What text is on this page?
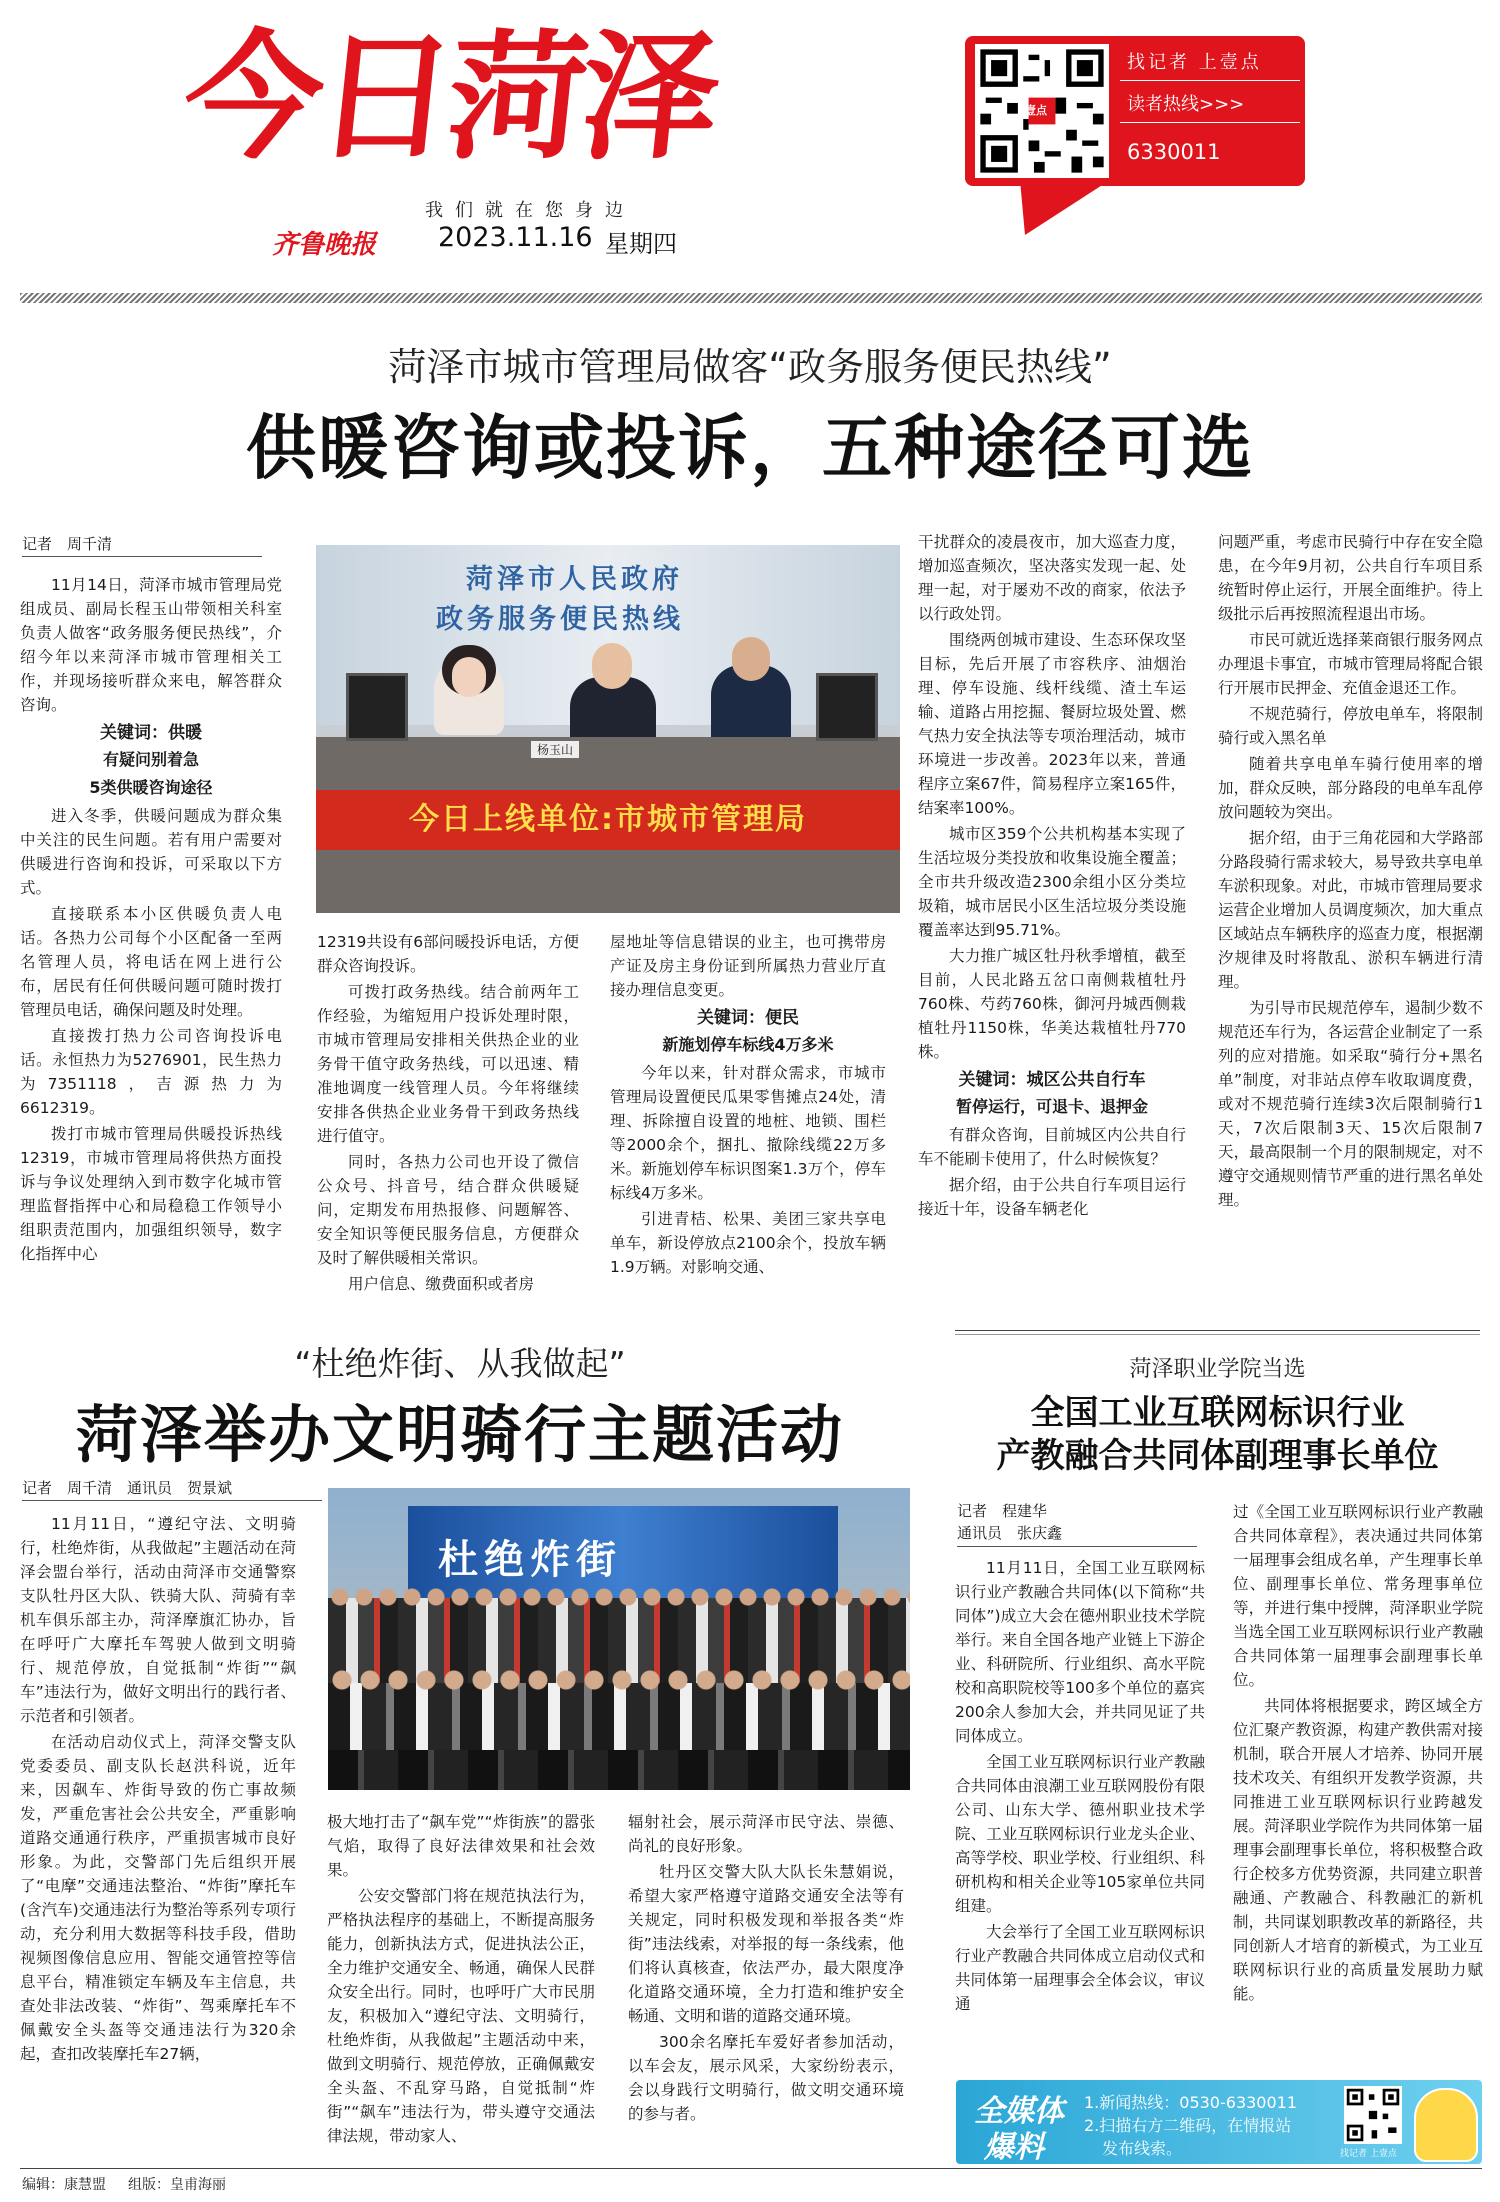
今日菏泽
我们就在您身边
齐鲁晚报 2023.11.16 星期四
壹点
找记者 上壹点
读者热线>>>
6330011
菏泽市城市管理局做客“政务服务便民热线”
供暖咨询或投诉，五种途径可选
记者　周千清
菏泽市人民政府
政务服务便民热线
杨玉山
今日上线单位:市城市管理局

11月14日，菏泽市城市管理局党组成员、副局长程玉山带领相关科室负责人做客“政务服务便民热线”，介绍今年以来菏泽市城市管理相关工作，并现场接听群众来电，解答群众咨询。

关键词：供暖

有疑问别着急

5类供暖咨询途径

进入冬季，供暖问题成为群众集中关注的民生问题。若有用户需要对供暖进行咨询和投诉，可采取以下方式。

直接联系本小区供暖负责人电话。各热力公司每个小区配备一至两名管理人员，将电话在网上进行公布，居民有任何供暖问题可随时拨打管理员电话，确保问题及时处理。

直接拨打热力公司咨询投诉电话。永恒热力为5276901，民生热力为7351118，吉源热力为6612319。

拨打市城市管理局供暖投诉热线12319，市城市管理局将供热方面投诉与争议处理纳入到市数字化城市管理监督指挥中心和局稳稳工作领导小组职责范围内，加强组织领导，数字化指挥中心

12319共设有6部问暖投诉电话，方便群众咨询投诉。

可拨打政务热线。结合前两年工作经验，为缩短用户投诉处理时限，市城市管理局安排相关供热企业的业务骨干值守政务热线，可以迅速、精准地调度一线管理人员。今年将继续安排各供热企业业务骨干到政务热线进行值守。

同时，各热力公司也开设了微信公众号、抖音号，结合群众供暖疑问，定期发布用热报修、问题解答、安全知识等便民服务信息，方便群众及时了解供暖相关常识。

用户信息、缴费面积或者房

屋地址等信息错误的业主，也可携带房产证及房主身份证到所属热力营业厅直接办理信息变更。

关键词：便民

新施划停车标线4万多米

今年以来，针对群众需求，市城市管理局设置便民瓜果零售摊点24处，清理、拆除擅自设置的地桩、地锁、围栏等2000余个，捆扎、撤除线缆22万多米。新施划停车标识图案1.3万个，停车标线4万多米。

引进青桔、松果、美团三家共享电单车，新设停放点2100余个，投放车辆1.9万辆。对影响交通、

干扰群众的凌晨夜市，加大巡查力度，增加巡查频次，坚决落实发现一起、处理一起，对于屡劝不改的商家，依法予以行政处罚。

围绕两创城市建设、生态环保攻坚目标，先后开展了市容秩序、油烟治理、停车设施、线杆线缆、渣土车运输、道路占用挖掘、餐厨垃圾处置、燃气热力安全执法等专项治理活动，城市环境进一步改善。2023年以来，普通程序立案67件，简易程序立案165件，结案率100%。

城市区359个公共机构基本实现了生活垃圾分类投放和收集设施全覆盖；全市共升级改造2300余组小区分类垃圾箱，城市居民小区生活垃圾分类设施覆盖率达到95.71%。

大力推广城区牡丹秋季增植，截至目前，人民北路五岔口南侧栽植牡丹760株、芍药760株，御河丹城西侧栽植牡丹1150株，华美达栽植牡丹770株。

关键词：城区公共自行车

暂停运行，可退卡、退押金

有群众咨询，目前城区内公共自行车不能刷卡使用了，什么时候恢复？

据介绍，由于公共自行车项目运行接近十年，设备车辆老化

问题严重，考虑市民骑行中存在安全隐患，在今年9月初，公共自行车项目系统暂时停止运行，开展全面维护。待上级批示后再按照流程退出市场。

市民可就近选择莱商银行服务网点办理退卡事宜，市城市管理局将配合银行开展市民押金、充值金退还工作。

不规范骑行，停放电单车，将限制骑行或入黑名单

随着共享电单车骑行使用率的增加，群众反映，部分路段的电单车乱停放问题较为突出。

据介绍，由于三角花园和大学路部分路段骑行需求较大，易导致共享电单车淤积现象。对此，市城市管理局要求运营企业增加人员调度频次，加大重点区域站点车辆秩序的巡查力度，根据潮汐规律及时将散乱、淤积车辆进行清理。

为引导市民规范停车，遏制少数不规范还车行为，各运营企业制定了一系列的应对措施。如采取“骑行分+黑名单”制度，对非站点停车收取调度费，或对不规范骑行连续3次后限制骑行1天，7次后限制3天、15次后限制7天，最高限制一个月的限制规定，对不遵守交通规则情节严重的进行黑名单处理。

“杜绝炸街、从我做起”
菏泽举办文明骑行主题活动
记者　周千清　通讯员　贺景斌
杜绝炸街

11月11日，“遵纪守法、文明骑行，杜绝炸街，从我做起”主题活动在菏泽会盟台举行，活动由菏泽市交通警察支队牡丹区大队、铁骑大队、菏骑有幸机车俱乐部主办，菏泽摩旗汇协办，旨在呼吁广大摩托车驾驶人做到文明骑行、规范停放，自觉抵制“炸街”“飙车”违法行为，做好文明出行的践行者、示范者和引领者。

在活动启动仪式上，菏泽交警支队党委委员、副支队长赵洪科说，近年来，因飙车、炸街导致的伤亡事故频发，严重危害社会公共安全，严重影响道路交通通行秩序，严重损害城市良好形象。为此，交警部门先后组织开展了“电摩”交通违法整治、“炸街”摩托车(含汽车)交通违法行为整治等系列专项行动，充分利用大数据等科技手段，借助视频图像信息应用、智能交通管控等信息平台，精准锁定车辆及车主信息，共查处非法改装、“炸街”、驾乘摩托车不佩戴安全头盔等交通违法行为320余起，查扣改装摩托车27辆，

极大地打击了“飙车党”“炸街族”的嚣张气焰，取得了良好法律效果和社会效果。

公安交警部门将在规范执法行为，严格执法程序的基础上，不断提高服务能力，创新执法方式，促进执法公正，全力维护交通安全、畅通，确保人民群众安全出行。同时，也呼吁广大市民朋友，积极加入“遵纪守法、文明骑行，杜绝炸街，从我做起”主题活动中来，做到文明骑行、规范停放，正确佩戴安全头盔、不乱穿马路，自觉抵制“炸街”“飙车”违法行为，带头遵守交通法律法规，带动家人、

辐射社会，展示菏泽市民守法、崇德、尚礼的良好形象。

牡丹区交警大队大队长朱慧娟说，希望大家严格遵守道路交通安全法等有关规定，同时积极发现和举报各类“炸街”违法线索，对举报的每一条线索，他们将认真核查，依法严办，最大限度净化道路交通环境，全力打造和维护安全畅通、文明和谐的道路交通环境。

300余名摩托车爱好者参加活动，以车会友，展示风采，大家纷纷表示，会以身践行文明骑行，做文明交通环境的参与者。

菏泽职业学院当选
全国工业互联网标识行业
产教融合共同体副理事长单位
记者　程建华
通讯员　张庆鑫

11月11日，全国工业互联网标识行业产教融合共同体(以下简称“共同体”)成立大会在德州职业技术学院举行。来自全国各地产业链上下游企业、科研院所、行业组织、高水平院校和高职院校等100多个单位的嘉宾200余人参加大会，并共同见证了共同体成立。

全国工业互联网标识行业产教融合共同体由浪潮工业互联网股份有限公司、山东大学、德州职业技术学院、工业互联网标识行业龙头企业、高等学校、职业学校、行业组织、科研机构和相关企业等105家单位共同组建。

大会举行了全国工业互联网标识行业产教融合共同体成立启动仪式和共同体第一届理事会全体会议，审议通

过《全国工业互联网标识行业产教融合共同体章程》，表决通过共同体第一届理事会组成名单，产生理事长单位、副理事长单位、常务理事单位等，并进行集中授牌，菏泽职业学院当选全国工业互联网标识行业产教融合共同体第一届理事会副理事长单位。

共同体将根据要求，跨区域全方位汇聚产教资源，构建产教供需对接机制，联合开展人才培养、协同开展技术攻关、有组织开发教学资源，共同推进工业互联网标识行业跨越发展。菏泽职业学院作为共同体第一届理事会副理事长单位，将积极整合政行企校多方优势资源，共同建立职普融通、产教融合、科教融汇的新机制，共同谋划职教改革的新路径，共同创新人才培育的新模式，为工业互联网标识行业的高质量发展助力赋能。

全媒体
爆料
1.新闻热线：0530-6330011
2.扫描右方二维码，在情报站
发布线索。	找记者 上壹点
编辑：康慧盟 组版：皇甫海丽
